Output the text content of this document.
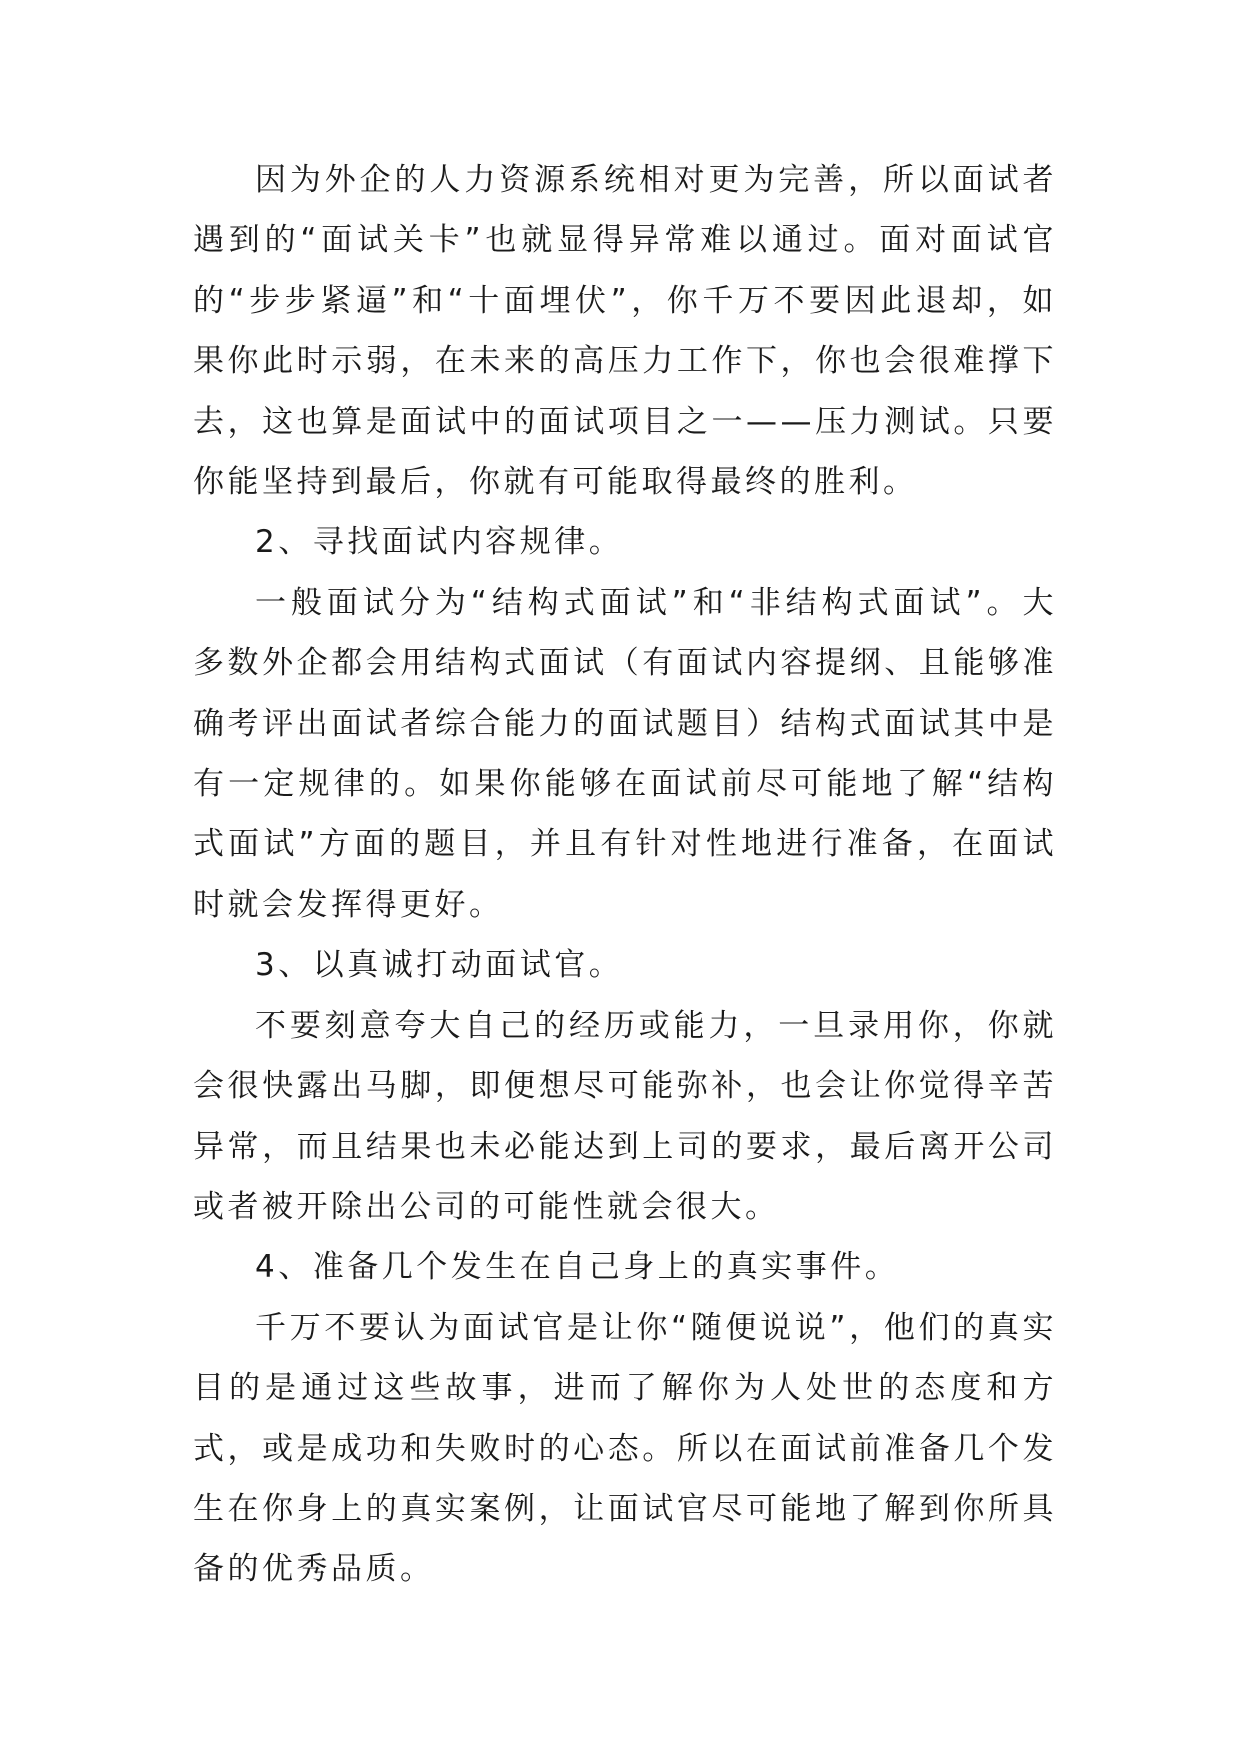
因为外企的人力资源系统相对更为完善，所以面试者遇到的“面试关卡”也就显得异常难以通过。面对面试官的“步步紧逼”和“十面埋伏”，你千万不要因此退却，如果你此时示弱，在未来的高压力工作下，你也会很难撑下去，这也算是面试中的面试项目之一——压力测试。只要你能坚持到最后，你就有可能取得最终的胜利。

2、寻找面试内容规律。

一般面试分为“结构式面试”和“非结构式面试”。大多数外企都会用结构式面试（有面试内容提纲、且能够准确考评出面试者综合能力的面试题目）结构式面试其中是有一定规律的。如果你能够在面试前尽可能地了解“结构式面试”方面的题目，并且有针对性地进行准备，在面试时就会发挥得更好。

3、以真诚打动面试官。

不要刻意夸大自己的经历或能力，一旦录用你，你就会很快露出马脚，即便想尽可能弥补，也会让你觉得辛苦异常，而且结果也未必能达到上司的要求，最后离开公司或者被开除出公司的可能性就会很大。

4、准备几个发生在自己身上的真实事件。

千万不要认为面试官是让你“随便说说”，他们的真实目的是通过这些故事，进而了解你为人处世的态度和方式，或是成功和失败时的心态。所以在面试前准备几个发生在你身上的真实案例，让面试官尽可能地了解到你所具备的优秀品质。
